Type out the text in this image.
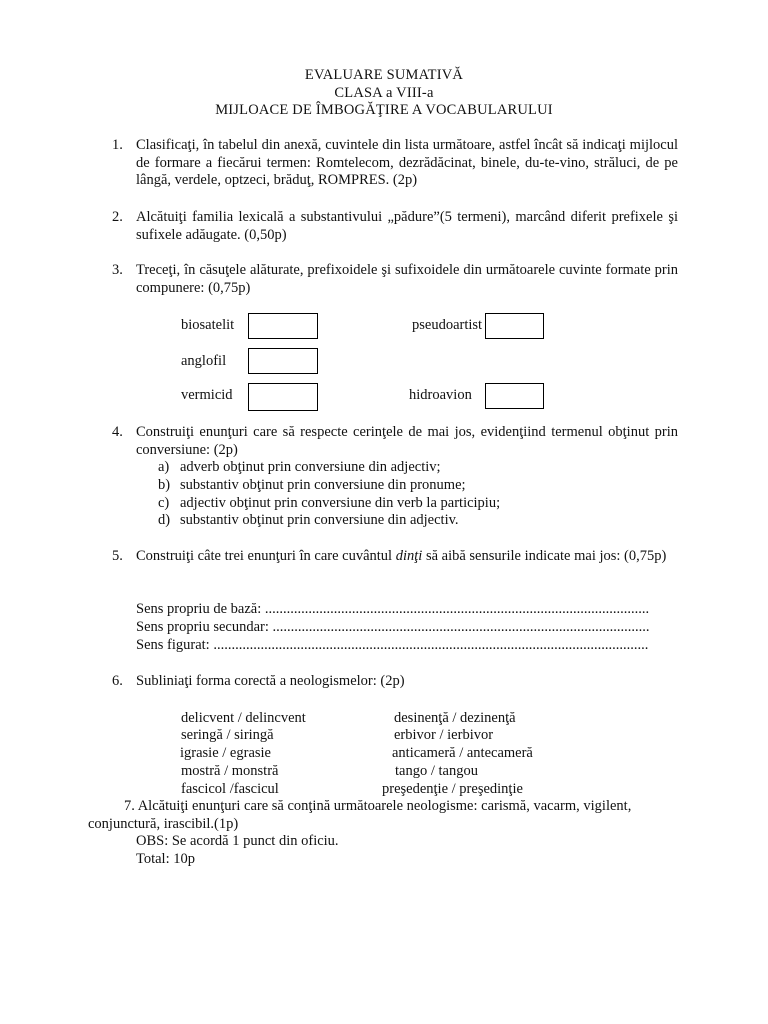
EVALUARE SUMATIVĂ
CLASA a VIII-a
MIJLOACE DE ÎMBOGĂŢIRE A VOCABULARULUI
1. Clasificaţi, în tabelul din anexă, cuvintele din lista următoare, astfel încât să indicaţi mijlocul de formare a fiecărui termen: Romtelecom, dezrădăcinat, binele, du-te-vino, străluci, de pe lângă, verdele, optzeci, brăduţ, ROMPRES. (2p)
2. Alcătuiţi familia lexicală a substantivului „pădure”(5 termeni), marcând diferit prefixele şi sufixele adăugate. (0,50p)
3. Treceţi, în căsuţele alăturate, prefixoidele şi sufixoidele din următoarele cuvinte formate prin compunere: (0,75p)
biosatelit	pseudoartist
anglofil
vermicid	hidroavion
4. Construiţi enunţuri care să respecte cerinţele de mai jos, evidenţiind termenul obţinut prin conversiune: (2p)
a) adverb obţinut prin conversiune din adjectiv;
b) substantiv obţinut prin conversiune din pronume;
c) adjectiv obţinut prin conversiune din verb la participiu;
d) substantiv obţinut prin conversiune din adjectiv.
5. Construiţi câte trei enunţuri în care cuvântul dinţi să aibă sensurile indicate mai jos: (0,75p)
Sens propriu de bază: ..........................................................................................................
Sens propriu secundar: ........................................................................................................
Sens figurat: ........................................................................................................................
6. Subliniaţi forma corectă a neologismelor: (2p)
delicvent / delincvent
seringă / siringă
igrasie / egrasie
mostră / monstră
fascicol /fascicul
desinenţă / dezinenţă
erbivor / ierbivor
anticameră / antecameră
tango / tangou
preşedenţie / preşedinţie
7. Alcătuiţi enunţuri care să conţină următoarele neologisme: carismă, vacarm, vigilent,
conjunctură, irascibil.(1p)
OBS: Se acordă 1 punct din oficiu.
Total: 10p
